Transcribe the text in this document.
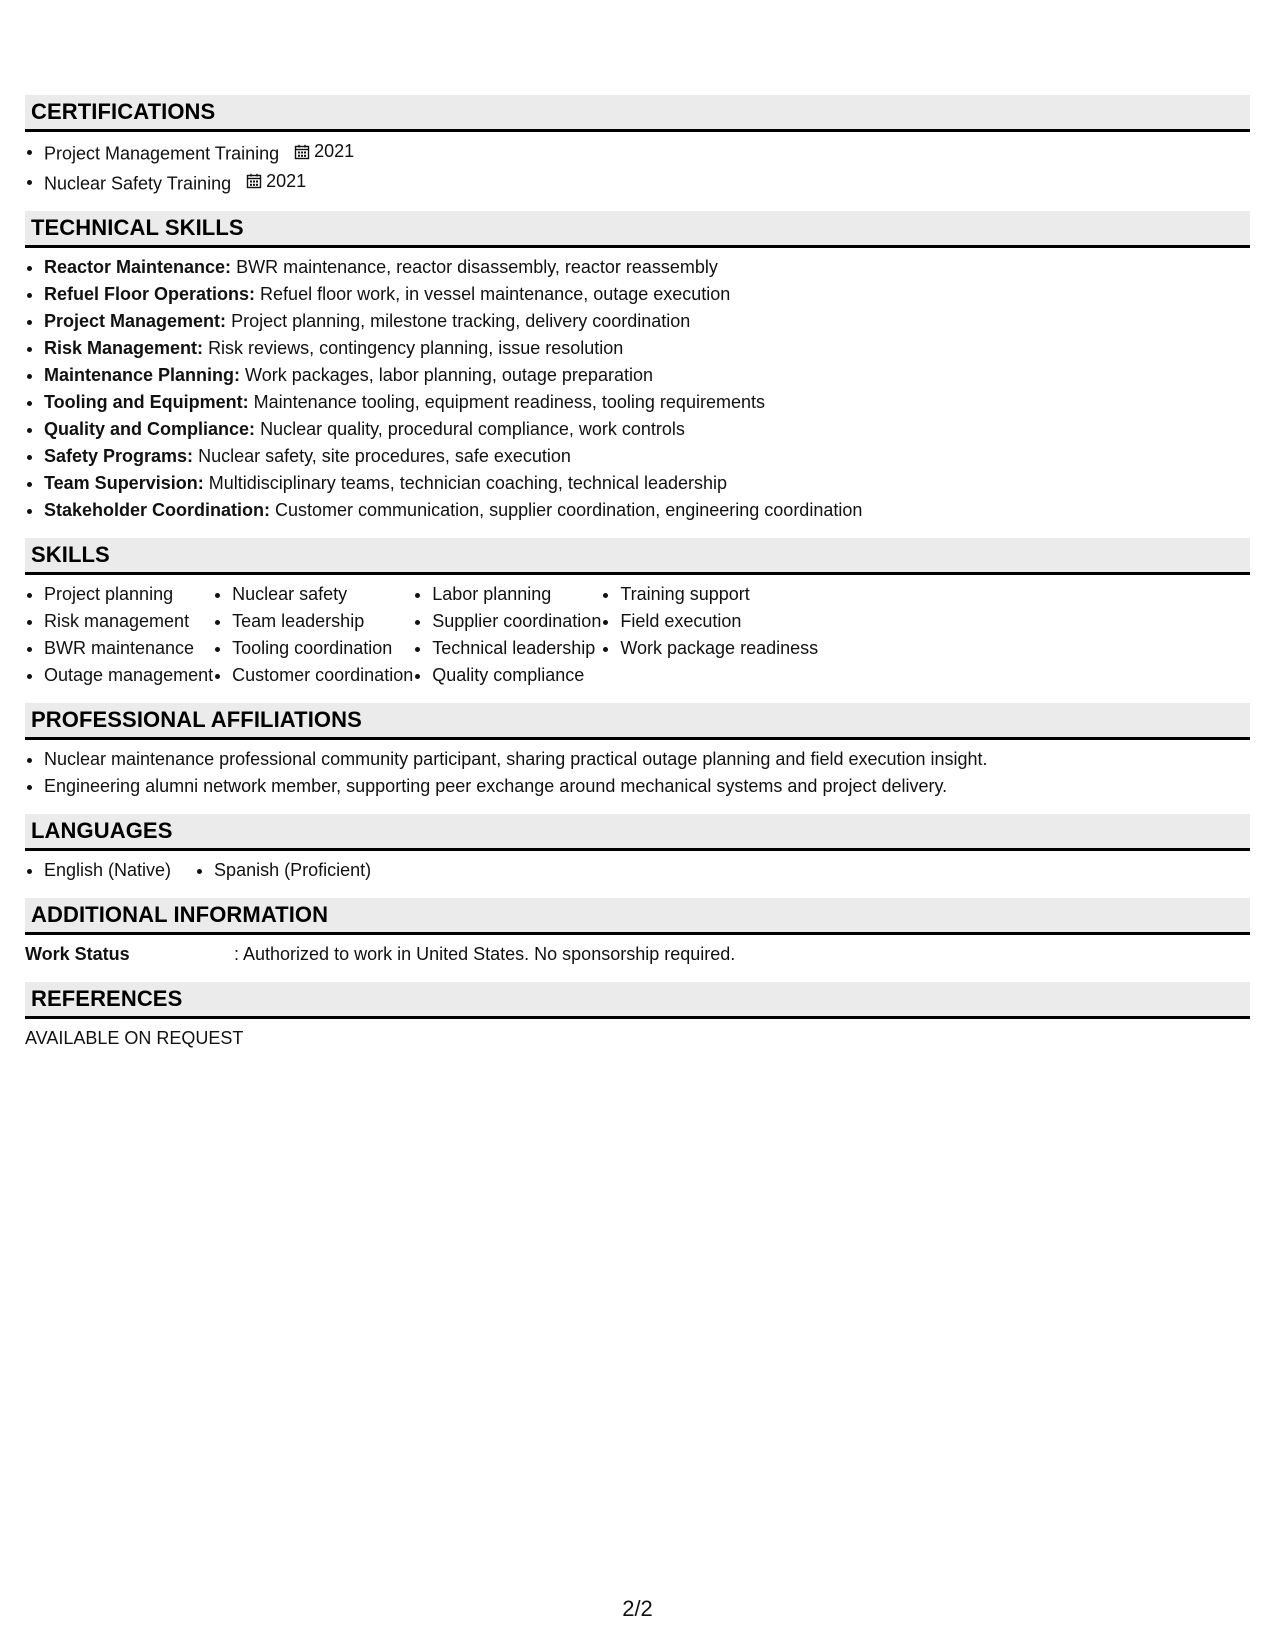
CERTIFICATIONS
Project Management Training 2021
Nuclear Safety Training 2021
TECHNICAL SKILLS
Reactor Maintenance: BWR maintenance, reactor disassembly, reactor reassembly
Refuel Floor Operations: Refuel floor work, in vessel maintenance, outage execution
Project Management: Project planning, milestone tracking, delivery coordination
Risk Management: Risk reviews, contingency planning, issue resolution
Maintenance Planning: Work packages, labor planning, outage preparation
Tooling and Equipment: Maintenance tooling, equipment readiness, tooling requirements
Quality and Compliance: Nuclear quality, procedural compliance, work controls
Safety Programs: Nuclear safety, site procedures, safe execution
Team Supervision: Multidisciplinary teams, technician coaching, technical leadership
Stakeholder Coordination: Customer communication, supplier coordination, engineering coordination
SKILLS
Project planning
Risk management
BWR maintenance
Outage management
Nuclear safety
Team leadership
Tooling coordination
Customer coordination
Labor planning
Supplier coordination
Technical leadership
Quality compliance
Training support
Field execution
Work package readiness
PROFESSIONAL AFFILIATIONS
Nuclear maintenance professional community participant, sharing practical outage planning and field execution insight.
Engineering alumni network member, supporting peer exchange around mechanical systems and project delivery.
LANGUAGES
English (Native)	Spanish (Proficient)
ADDITIONAL INFORMATION
Work Status	: Authorized to work in United States. No sponsorship required.
REFERENCES
AVAILABLE ON REQUEST
2/2
